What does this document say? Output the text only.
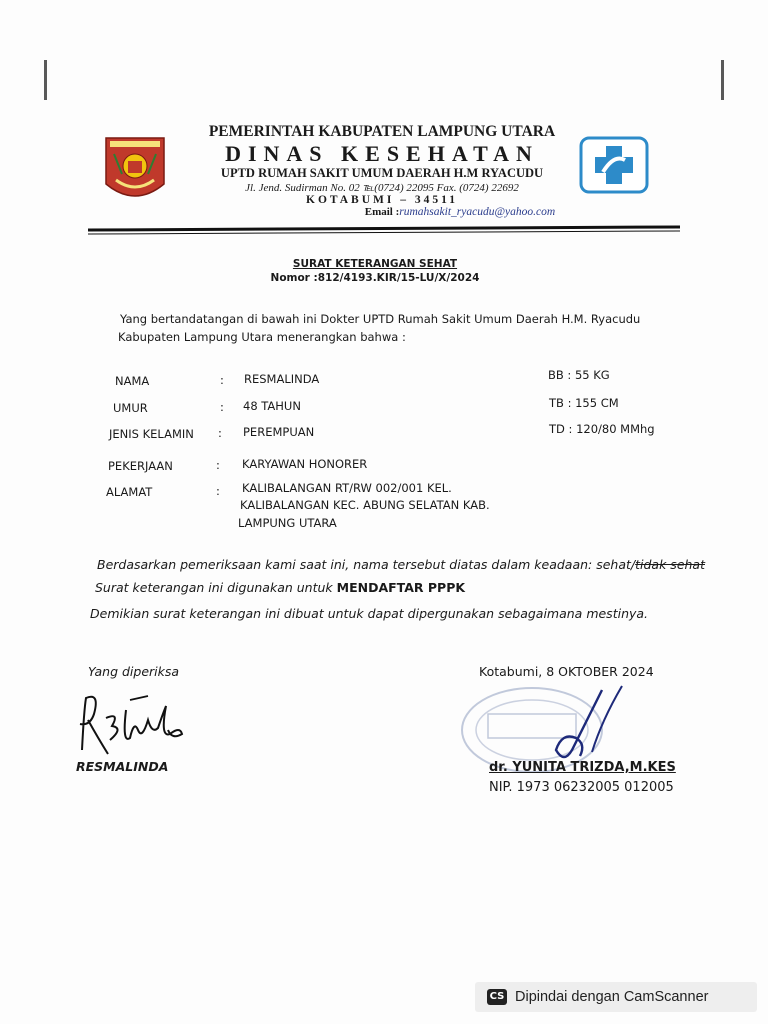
PEMERINTAH KABUPATEN LAMPUNG UTARA
DINAS KESEHATAN
UPTD RUMAH SAKIT UMUM DAERAH H.M RYACUDU
Jl. Jend. Sudirman No. 02 ℡(0724) 22095 Fax. (0724) 22692
KOTABUMI – 34511
Email : rumahsakit_ryacudu@yahoo.com
SURAT KETERANGAN SEHAT
Nomor :812/4193.KIR/15-LU/X/2024
Yang bertandatangan di bawah ini Dokter UPTD Rumah Sakit Umum Daerah H.M. Ryacudu
Kabupaten Lampung Utara menerangkan bahwa :
NAMA	: RESMALINDA
UMUR	: 48 TAHUN
JENIS KELAMIN : PEREMPUAN
PEKERJAAN	: KARYAWAN HONORER
ALAMAT	: KALIBALANGAN RT/RW 002/001 KEL.
KALIBALANGAN KEC. ABUNG SELATAN KAB.
LAMPUNG UTARA
BB : 55 KG
TB : 155 CM
TD : 120/80 MMhg
Berdasarkan pemeriksaan kami saat ini, nama tersebut diatas dalam keadaan: sehat/tidak sehat
Surat keterangan ini digunakan untuk MENDAFTAR PPPK
Demikian surat keterangan ini dibuat untuk dapat dipergunakan sebagaimana mestinya.
Yang diperiksa
RESMALINDA
Kotabumi, 8 OKTOBER 2024
dr. YUNITA TRIZDA,M.KES
NIP. 1973 06232005 012005
CS Dipindai dengan CamScanner
